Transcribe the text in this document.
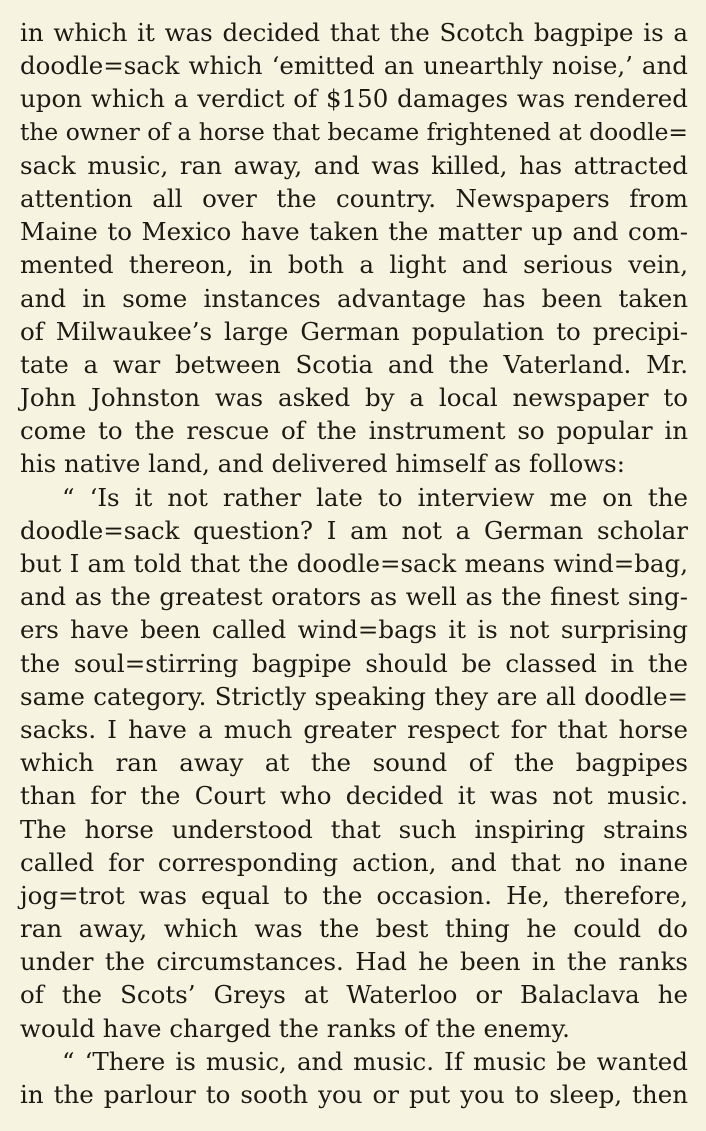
in which it was decided that the Scotch bagpipe is a
doodle=sack which ‘emitted an unearthly noise,’ and
upon which a verdict of $150 damages was rendered
the owner of a horse that became frightened at doodle=
sack music, ran away, and was killed, has attracted
attention all over the country. Newspapers from
Maine to Mexico have taken the matter up and com-
mented thereon, in both a light and serious vein,
and in some instances advantage has been taken
of Milwaukee’s large German population to precipi-
tate a war between Scotia and the Vaterland. Mr.
John Johnston was asked by a local newspaper to
come to the rescue of the instrument so popular in
his native land, and delivered himself as follows:
“ ‘Is it not rather late to interview me on the
doodle=sack question? I am not a German scholar
but I am told that the doodle=sack means wind=bag,
and as the greatest orators as well as the finest sing-
ers have been called wind=bags it is not surprising
the soul=stirring bagpipe should be classed in the
same category. Strictly speaking they are all doodle=
sacks. I have a much greater respect for that horse
which ran away at the sound of the bagpipes
than for the Court who decided it was not music.
The horse understood that such inspiring strains
called for corresponding action, and that no inane
jog=trot was equal to the occasion. He, therefore,
ran away, which was the best thing he could do
under the circumstances. Had he been in the ranks
of the Scots’ Greys at Waterloo or Balaclava he
would have charged the ranks of the enemy.
“ ‘There is music, and music. If music be wanted
in the parlour to sooth you or put you to sleep, then
